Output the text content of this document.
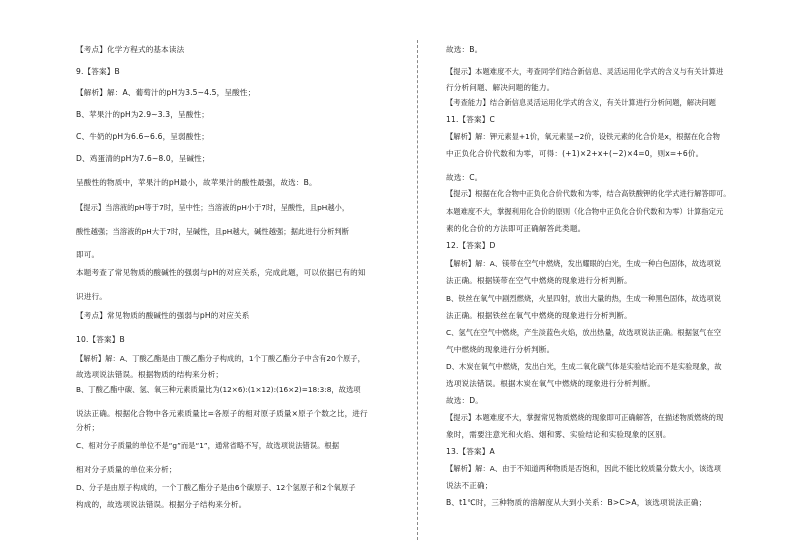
【考点】化学方程式的基本读法
9.【答案】B
【解析】解：A、葡萄汁的pH为3.5~4.5，呈酸性；
B、苹果汁的pH为2.9~3.3，呈酸性；
C、牛奶的pH为6.6~6.6，呈弱酸性；
D、鸡蛋清的pH为7.6~8.0，呈碱性；
呈酸性的物质中，苹果汁的pH最小，故苹果汁的酸性最强，故选：B。
【提示】当溶液的pH等于7时，呈中性；当溶液的pH小于7时，呈酸性，且pH越小，
酸性越强；当溶液的pH大于7时，呈碱性，且pH越大，碱性越强；据此进行分析判断
即可。
本题考查了常见物质的酸碱性的强弱与pH的对应关系，完成此题，可以依据已有的知
识进行。
【考点】常见物质的酸碱性的强弱与pH的对应关系
10.【答案】B
【解析】解：A、丁酸乙酯是由丁酸乙酯分子构成的，1个丁酸乙酯分子中含有20个原子，
故选项说法错误。根据物质的结构来分析；
B、丁酸乙酯中碳、氢、氧三种元素质量比为(12×6):(1×12):(16×2)=18:3:8，故选项
说法正确。根据化合物中各元素质量比=各原子的相对原子质量×原子个数之比，进行
分析；
C、相对分子质量的单位不是“g”而是“1”，通常省略不写，故选项说法错误。根据
相对分子质量的单位来分析；
D、分子是由原子构成的，一个丁酸乙酯分子是由6个碳原子、12个氢原子和2个氧原子
构成的，故选项说法错误。根据分子结构来分析。
故选：B。
【提示】本题难度不大，考查同学们结合新信息、灵活运用化学式的含义与有关计算进
行分析问题、解决问题的能力。
【考查能力】结合新信息灵活运用化学式的含义，有关计算进行分析问题，解决问题
11.【答案】C
【解析】解：钾元素显+1价，氧元素显−2价，设铁元素的化合价是x，根据在化合物
中正负化合价代数和为零，可得：(+1)×2+x+(−2)×4=0，则x=+6价。
故选：C。
【提示】根据在化合物中正负化合价代数和为零，结合高铁酸钾的化学式进行解答即可。
本题难度不大，掌握利用化合价的原则（化合物中正负化合价代数和为零）计算指定元
素的化合价的方法即可正确解答此类题。
12.【答案】D
【解析】解：A、镁带在空气中燃烧，发出耀眼的白光，生成一种白色固体，故选项说
法正确。根据镁带在空气中燃烧的现象进行分析判断。
B、铁丝在氧气中剧烈燃烧，火星四射，放出大量的热，生成一种黑色固体，故选项说
法正确。根据铁丝在氧气中燃烧的现象进行分析判断。
C、氢气在空气中燃烧，产生淡蓝色火焰，放出热量，故选项说法正确。根据氢气在空
气中燃烧的现象进行分析判断。
D、木炭在氧气中燃烧，发出白光，生成二氧化碳气体是实验结论而不是实验现象，故
选项说法错误。根据木炭在氧气中燃烧的现象进行分析判断。
故选：D。
【提示】本题难度不大，掌握常见物质燃烧的现象即可正确解答，在描述物质燃烧的现
象时，需要注意光和火焰、烟和雾、实验结论和实验现象的区别。
13.【答案】A
【解析】解：A、由于不知道两种物质是否饱和，因此不能比较质量分数大小，该选项
说法不正确；
B、t1℃时，三种物质的溶解度从大到小关系：B>C>A，该选项说法正确；
